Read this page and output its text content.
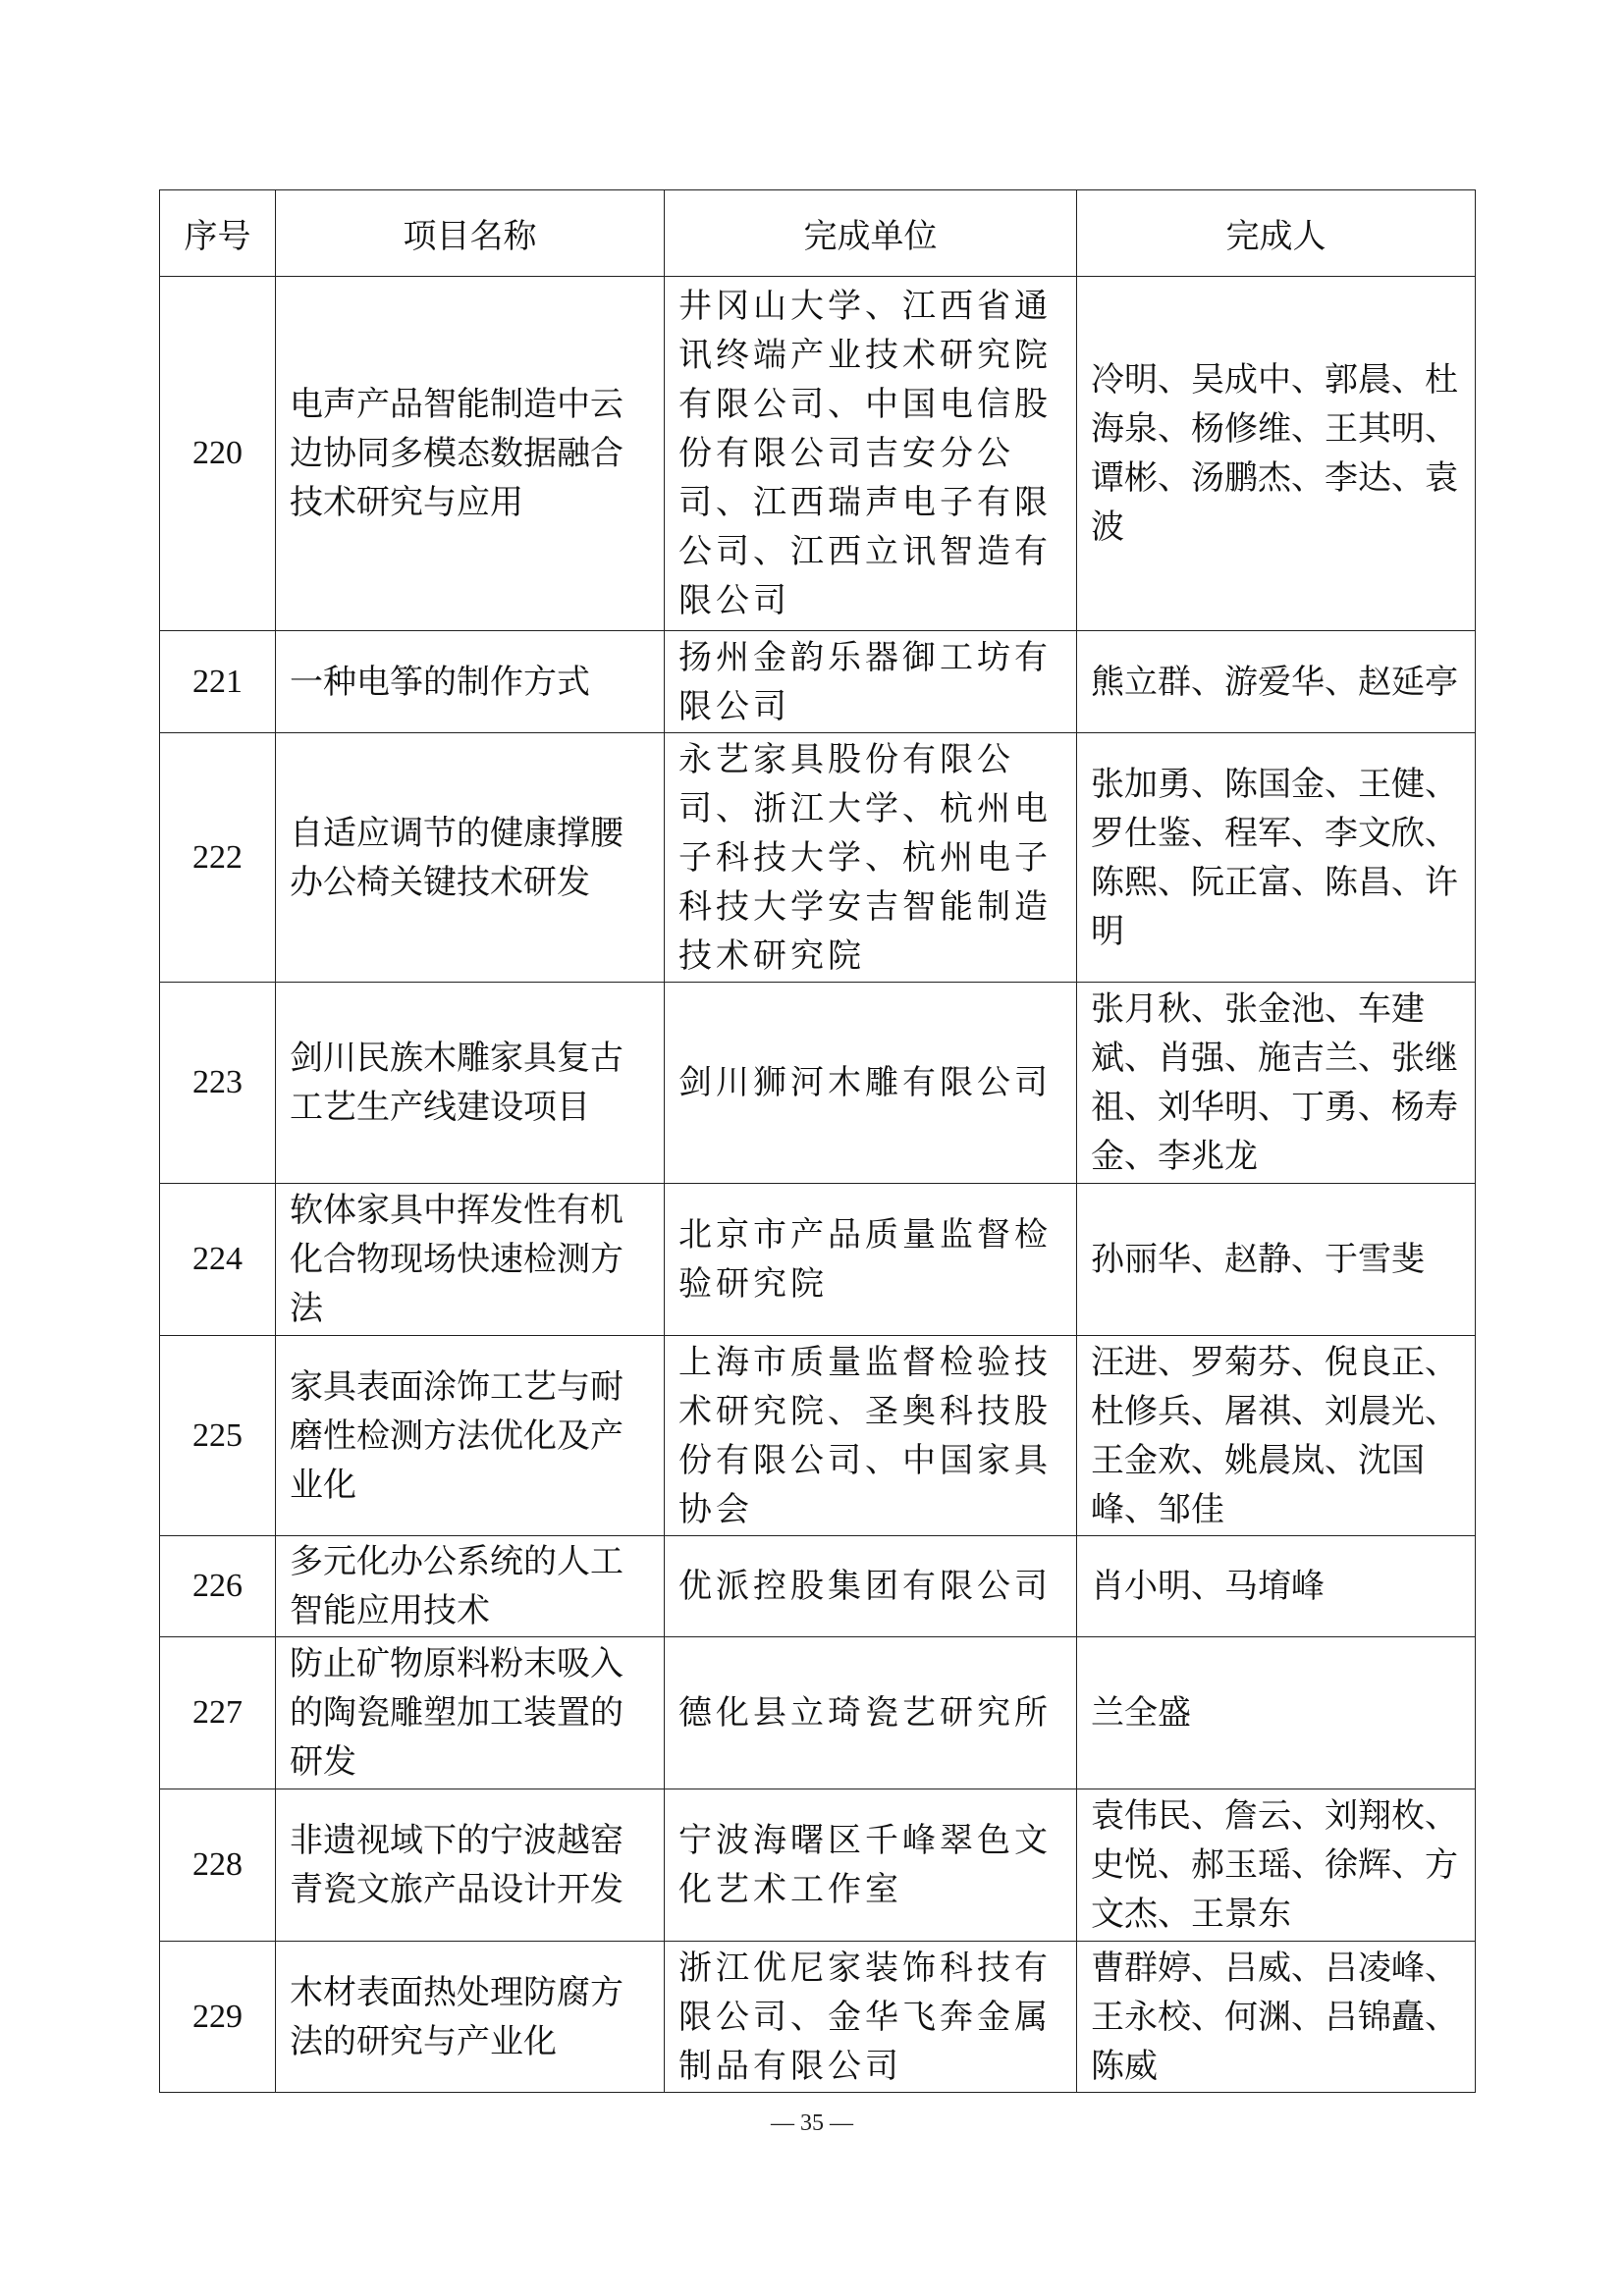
序号	项目名称	完成单位	完成人
220	电声产品智能制造中云边协同多模态数据融合技术研究与应用	井冈山大学、江西省通讯终端产业技术研究院有限公司、中国电信股份有限公司吉安分公司、江西瑞声电子有限公司、江西立讯智造有限公司	冷明、吴成中、郭晨、杜海泉、杨修维、王其明、谭彬、汤鹏杰、李达、袁波
221	一种电筝的制作方式	扬州金韵乐器御工坊有限公司	熊立群、游爱华、赵延亭
222	自适应调节的健康撑腰办公椅关键技术研发	永艺家具股份有限公司、浙江大学、杭州电子科技大学、杭州电子科技大学安吉智能制造技术研究院	张加勇、陈国金、王健、罗仕鉴、程军、李文欣、陈熙、阮正富、陈昌、许明
223	剑川民族木雕家具复古工艺生产线建设项目	剑川狮河木雕有限公司	张月秋、张金池、车建斌、肖强、施吉兰、张继祖、刘华明、丁勇、杨寿金、李兆龙
224	软体家具中挥发性有机化合物现场快速检测方法	北京市产品质量监督检验研究院	孙丽华、赵静、于雪斐
225	家具表面涂饰工艺与耐磨性检测方法优化及产业化	上海市质量监督检验技术研究院、圣奥科技股份有限公司、中国家具协会	汪进、罗菊芬、倪良正、杜修兵、屠祺、刘晨光、王金欢、姚晨岚、沈国峰、邹佳
226	多元化办公系统的人工智能应用技术	优派控股集团有限公司	肖小明、马堉峰
227	防止矿物原料粉末吸入的陶瓷雕塑加工装置的研发	德化县立琦瓷艺研究所	兰全盛
228	非遗视域下的宁波越窑青瓷文旅产品设计开发	宁波海曙区千峰翠色文化艺术工作室	袁伟民、詹云、刘翔枚、史悦、郝玉瑶、徐辉、方文杰、王景东
229	木材表面热处理防腐方法的研究与产业化	浙江优尼家装饰科技有限公司、金华飞奔金属制品有限公司	曹群婷、吕威、吕凌峰、王永校、何渊、吕锦矗、陈威
— 35 —
